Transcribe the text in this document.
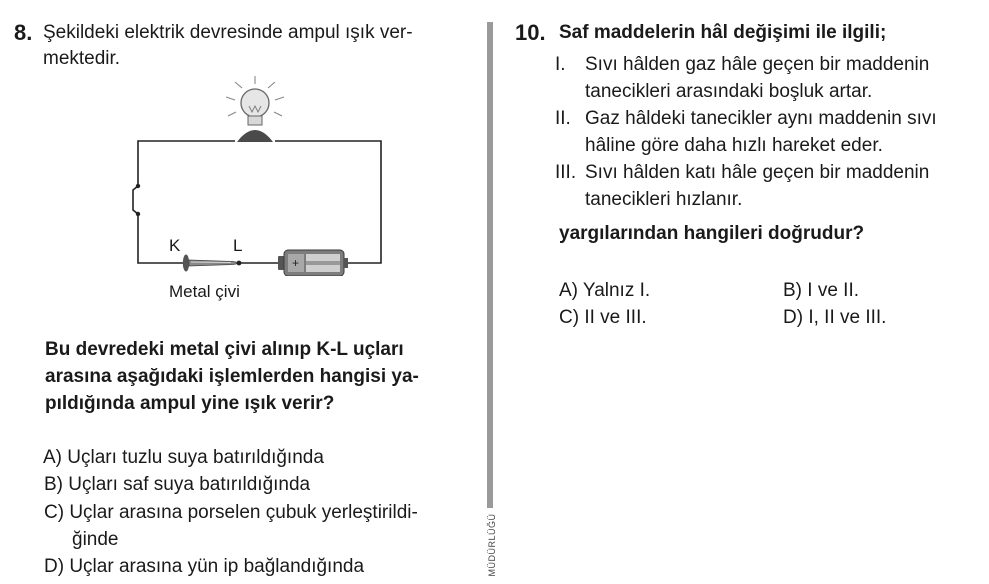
8. Şekildeki elektrik devresinde ampul ışık ver-
mektedir.
+
K	L
Metal çivi
Bu devredeki metal çivi alınıp K-L uçları
arasına aşağıdaki işlemlerden hangisi ya-
pıldığında ampul yine ışık verir?
A) Uçları tuzlu suya batırıldığında
B) Uçları saf suya batırıldığında
C) Uçlar arasına porselen çubuk yerleştirildi-
ğinde
D) Uçlar arasına yün ip bağlandığında	MÜDÜRLÜĞÜ
10. Saf maddelerin hâl değişimi ile ilgili;
I. Sıvı hâlden gaz hâle geçen bir maddenin
tanecikleri arasındaki boşluk artar.
II. Gaz hâldeki tanecikler aynı maddenin sıvı
hâline göre daha hızlı hareket eder.
III. Sıvı hâlden katı hâle geçen bir maddenin
tanecikleri hızlanır.
yargılarından hangileri doğrudur?
A) Yalnız I.	B) I ve II.
C) II ve III.	D) I, II ve III.
